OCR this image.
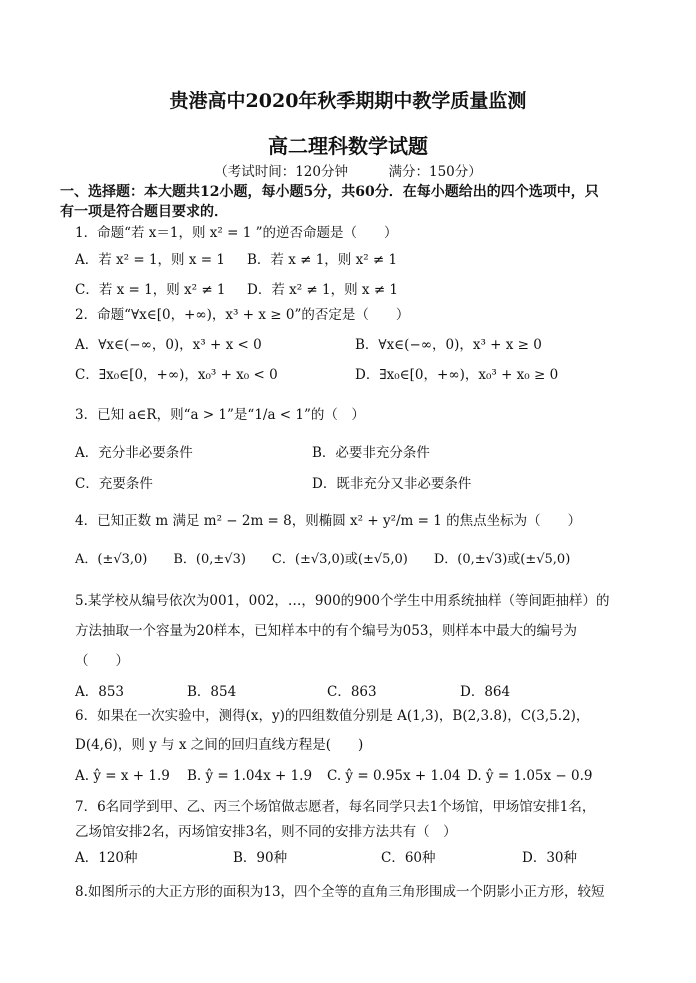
贵港高中2020年秋季期期中教学质量监测
高二理科数学试题
（考试时间：120分钟　　　满分：150分）
一、选择题：本大题共12小题，每小题5分，共60分．在每小题给出的四个选项中，只
有一项是符合题目要求的．
1．命题“若 x＝1，则 x² = 1 ”的逆否命题是（　　）
A．若 x² = 1，则 x = 1 B．若 x ≠ 1，则 x² ≠ 1
C．若 x = 1，则 x² ≠ 1 D．若 x² ≠ 1，则 x ≠ 1
2．命题“∀x∈[0，+∞)，x³ + x ≥ 0”的否定是（　　）
A．∀x∈(−∞，0)，x³ + x < 0	B．∀x∈(−∞，0)，x³ + x ≥ 0
C．∃x₀∈[0，+∞)，x₀³ + x₀ < 0	D．∃x₀∈[0，+∞)，x₀³ + x₀ ≥ 0
3．已知 a∈R，则“a > 1”是“1/a < 1”的（　）
A．充分非必要条件	B．必要非充分条件
C．充要条件	D．既非充分又非必要条件
4．已知正数 m 满足 m² − 2m = 8，则椭圆 x² + y²/m = 1 的焦点坐标为（　　）
A．(±√3,0)　　B．(0,±√3)　　C．(±√3,0)或(±√5,0)　　D．(0,±√3)或(±√5,0)
5.某学校从编号依次为001，002，…，900的900个学生中用系统抽样（等间距抽样）的
方法抽取一个容量为20样本，已知样本中的有个编号为053，则样本中最大的编号为
（　　）
A．853	B．854	C．863	D．864
6．如果在一次实验中，测得(x，y)的四组数值分别是 A(1,3)，B(2,3.8)，C(3,5.2)，
D(4,6)，则 y 与 x 之间的回归直线方程是(　　)
A. ŷ = x + 1.9 B. ŷ = 1.04x + 1.9 C. ŷ = 0.95x + 1.04 D. ŷ = 1.05x − 0.9
7．6名同学到甲、乙、丙三个场馆做志愿者，每名同学只去1个场馆，甲场馆安排1名，
乙场馆安排2名，丙场馆安排3名，则不同的安排方法共有（　）
A．120种	B．90种	C．60种	D．30种
8.如图所示的大正方形的面积为13，四个全等的直角三角形围成一个阴影小正方形，较短
